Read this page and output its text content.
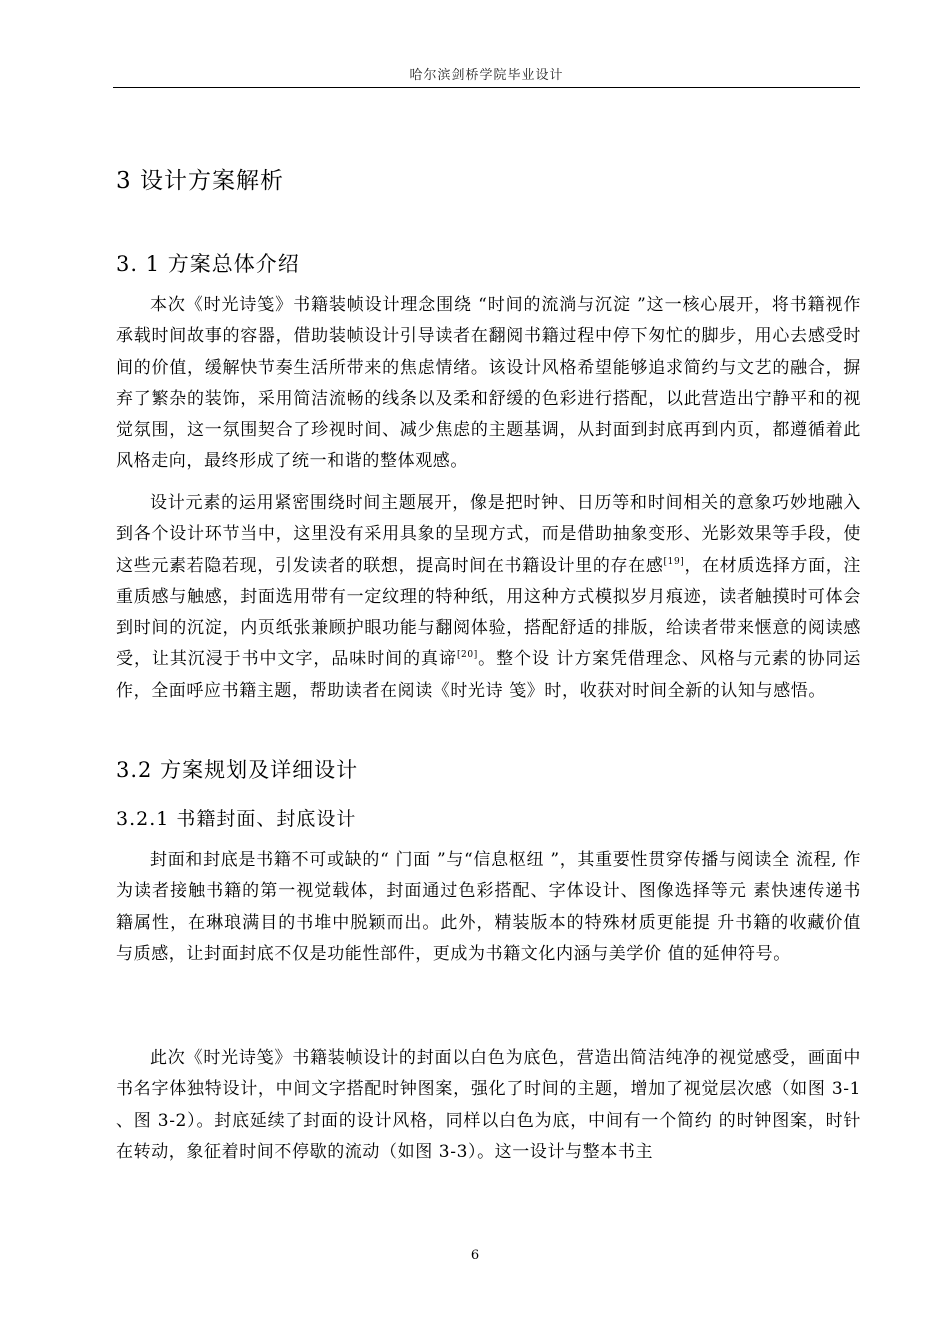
哈尔滨剑桥学院毕业设计
3 设计方案解析
3. 1 方案总体介绍

本次《时光诗笺》书籍装帧设计理念围绕 “时间的流淌与沉淀 ”这一核心展开，将书籍视作承载时间故事的容器，借助装帧设计引导读者在翻阅书籍过程中停下匆忙的脚步，用心去感受时间的价值，缓解快节奏生活所带来的焦虑情绪。该设计风格希望能够追求简约与文艺的融合，摒弃了繁杂的装饰，采用简洁流畅的线条以及柔和舒缓的色彩进行搭配，以此营造出宁静平和的视觉氛围，这一氛围契合了珍视时间、减少焦虑的主题基调，从封面到封底再到内页，都遵循着此风格走向，最终形成了统一和谐的整体观感。

设计元素的运用紧密围绕时间主题展开，像是把时钟、日历等和时间相关的意象巧妙地融入到各个设计环节当中，这里没有采用具象的呈现方式，而是借助抽象变形、光影效果等手段，使这些元素若隐若现，引发读者的联想，提高时间在书籍设计里的存在感[19]，在材质选择方面，注重质感与触感，封面选用带有一定纹理的特种纸，用这种方式模拟岁月痕迹，读者触摸时可体会到时间的沉淀，内页纸张兼顾护眼功能与翻阅体验，搭配舒适的排版，给读者带来惬意的阅读感受，让其沉浸于书中文字，品味时间的真谛[20]。整个设 计方案凭借理念、风格与元素的协同运作，全面呼应书籍主题，帮助读者在阅读《时光诗 笺》时，收获对时间全新的认知与感悟。

3.2 方案规划及详细设计
3.2.1 书籍封面、封底设计

封面和封底是书籍不可或缺的“ 门面 ”与“信息枢纽 ”，其重要性贯穿传播与阅读全 流程, 作为读者接触书籍的第一视觉载体，封面通过色彩搭配、字体设计、图像选择等元 素快速传递书籍属性，在琳琅满目的书堆中脱颖而出。此外，精装版本的特殊材质更能提 升书籍的收藏价值与质感，让封面封底不仅是功能性部件，更成为书籍文化内涵与美学价 值的延伸符号。

此次《时光诗笺》书籍装帧设计的封面以白色为底色，营造出简洁纯净的视觉感受，画面中书名字体独特设计，中间文字搭配时钟图案，强化了时间的主题，增加了视觉层次感（如图 3-1 、图 3-2）。封底延续了封面的设计风格，同样以白色为底，中间有一个简约 的时钟图案，时针在转动，象征着时间不停歇的流动（如图 3-3）。这一设计与整本书主

6
